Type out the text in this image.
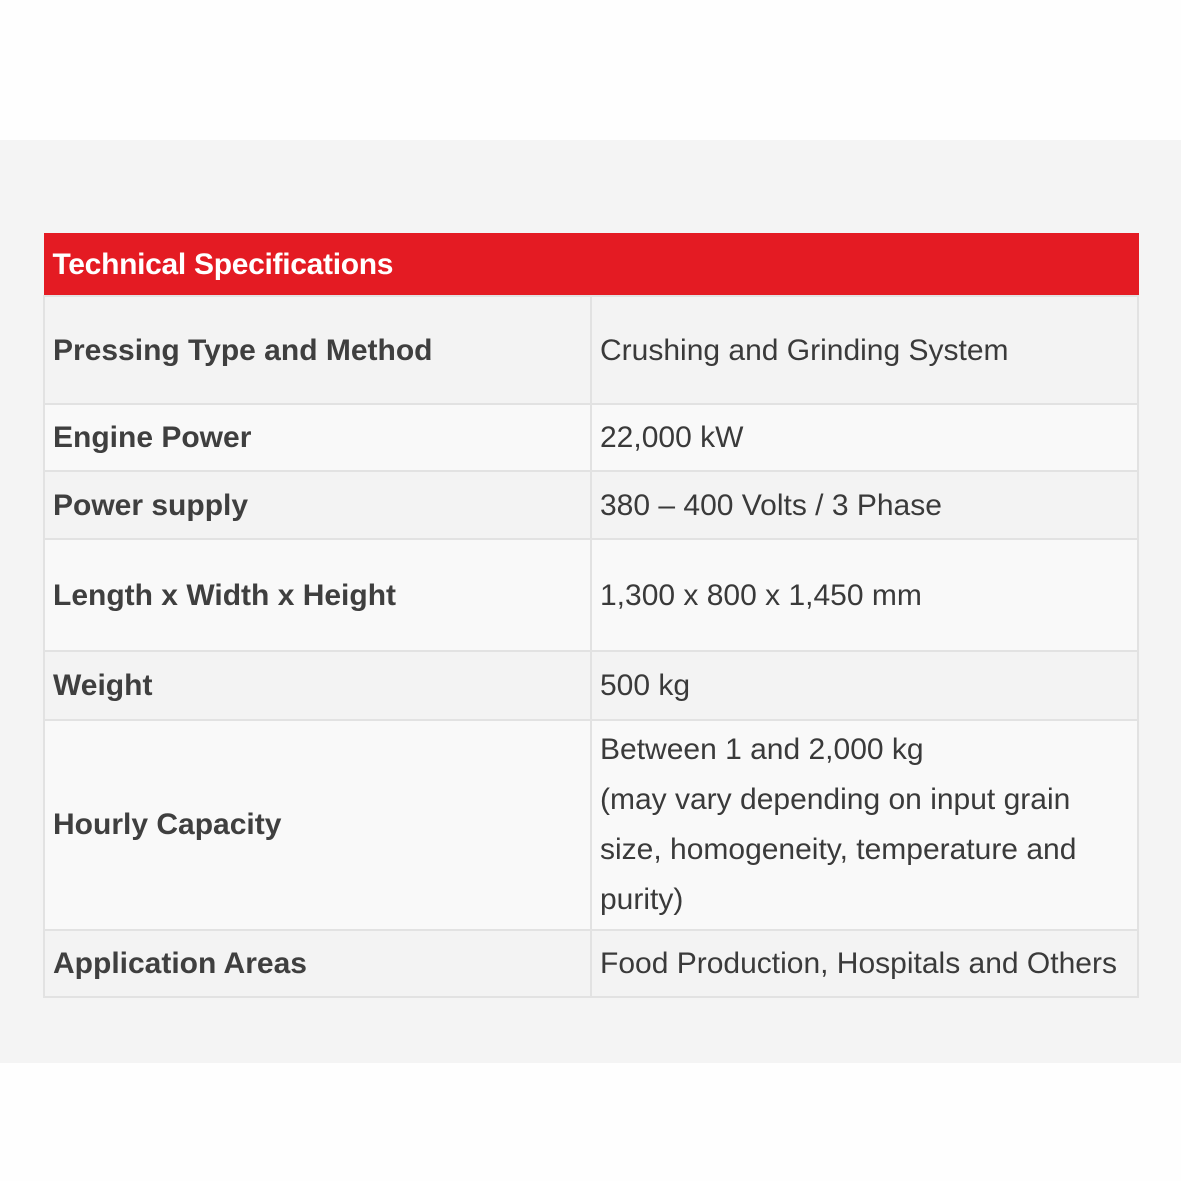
Technical Specifications	
Pressing Type and Method	Crushing and Grinding System
Engine Power	22,000 kW
Power supply	380 – 400 Volts / 3 Phase
Length x Width x Height	1,300 x 800 x 1,450 mm
Weight	500 kg
Hourly Capacity	Between 1 and 2,000 kg
(may vary depending on input grain size, homogeneity, temperature and purity)

Application Areas	Food Production, Hospitals and Others
